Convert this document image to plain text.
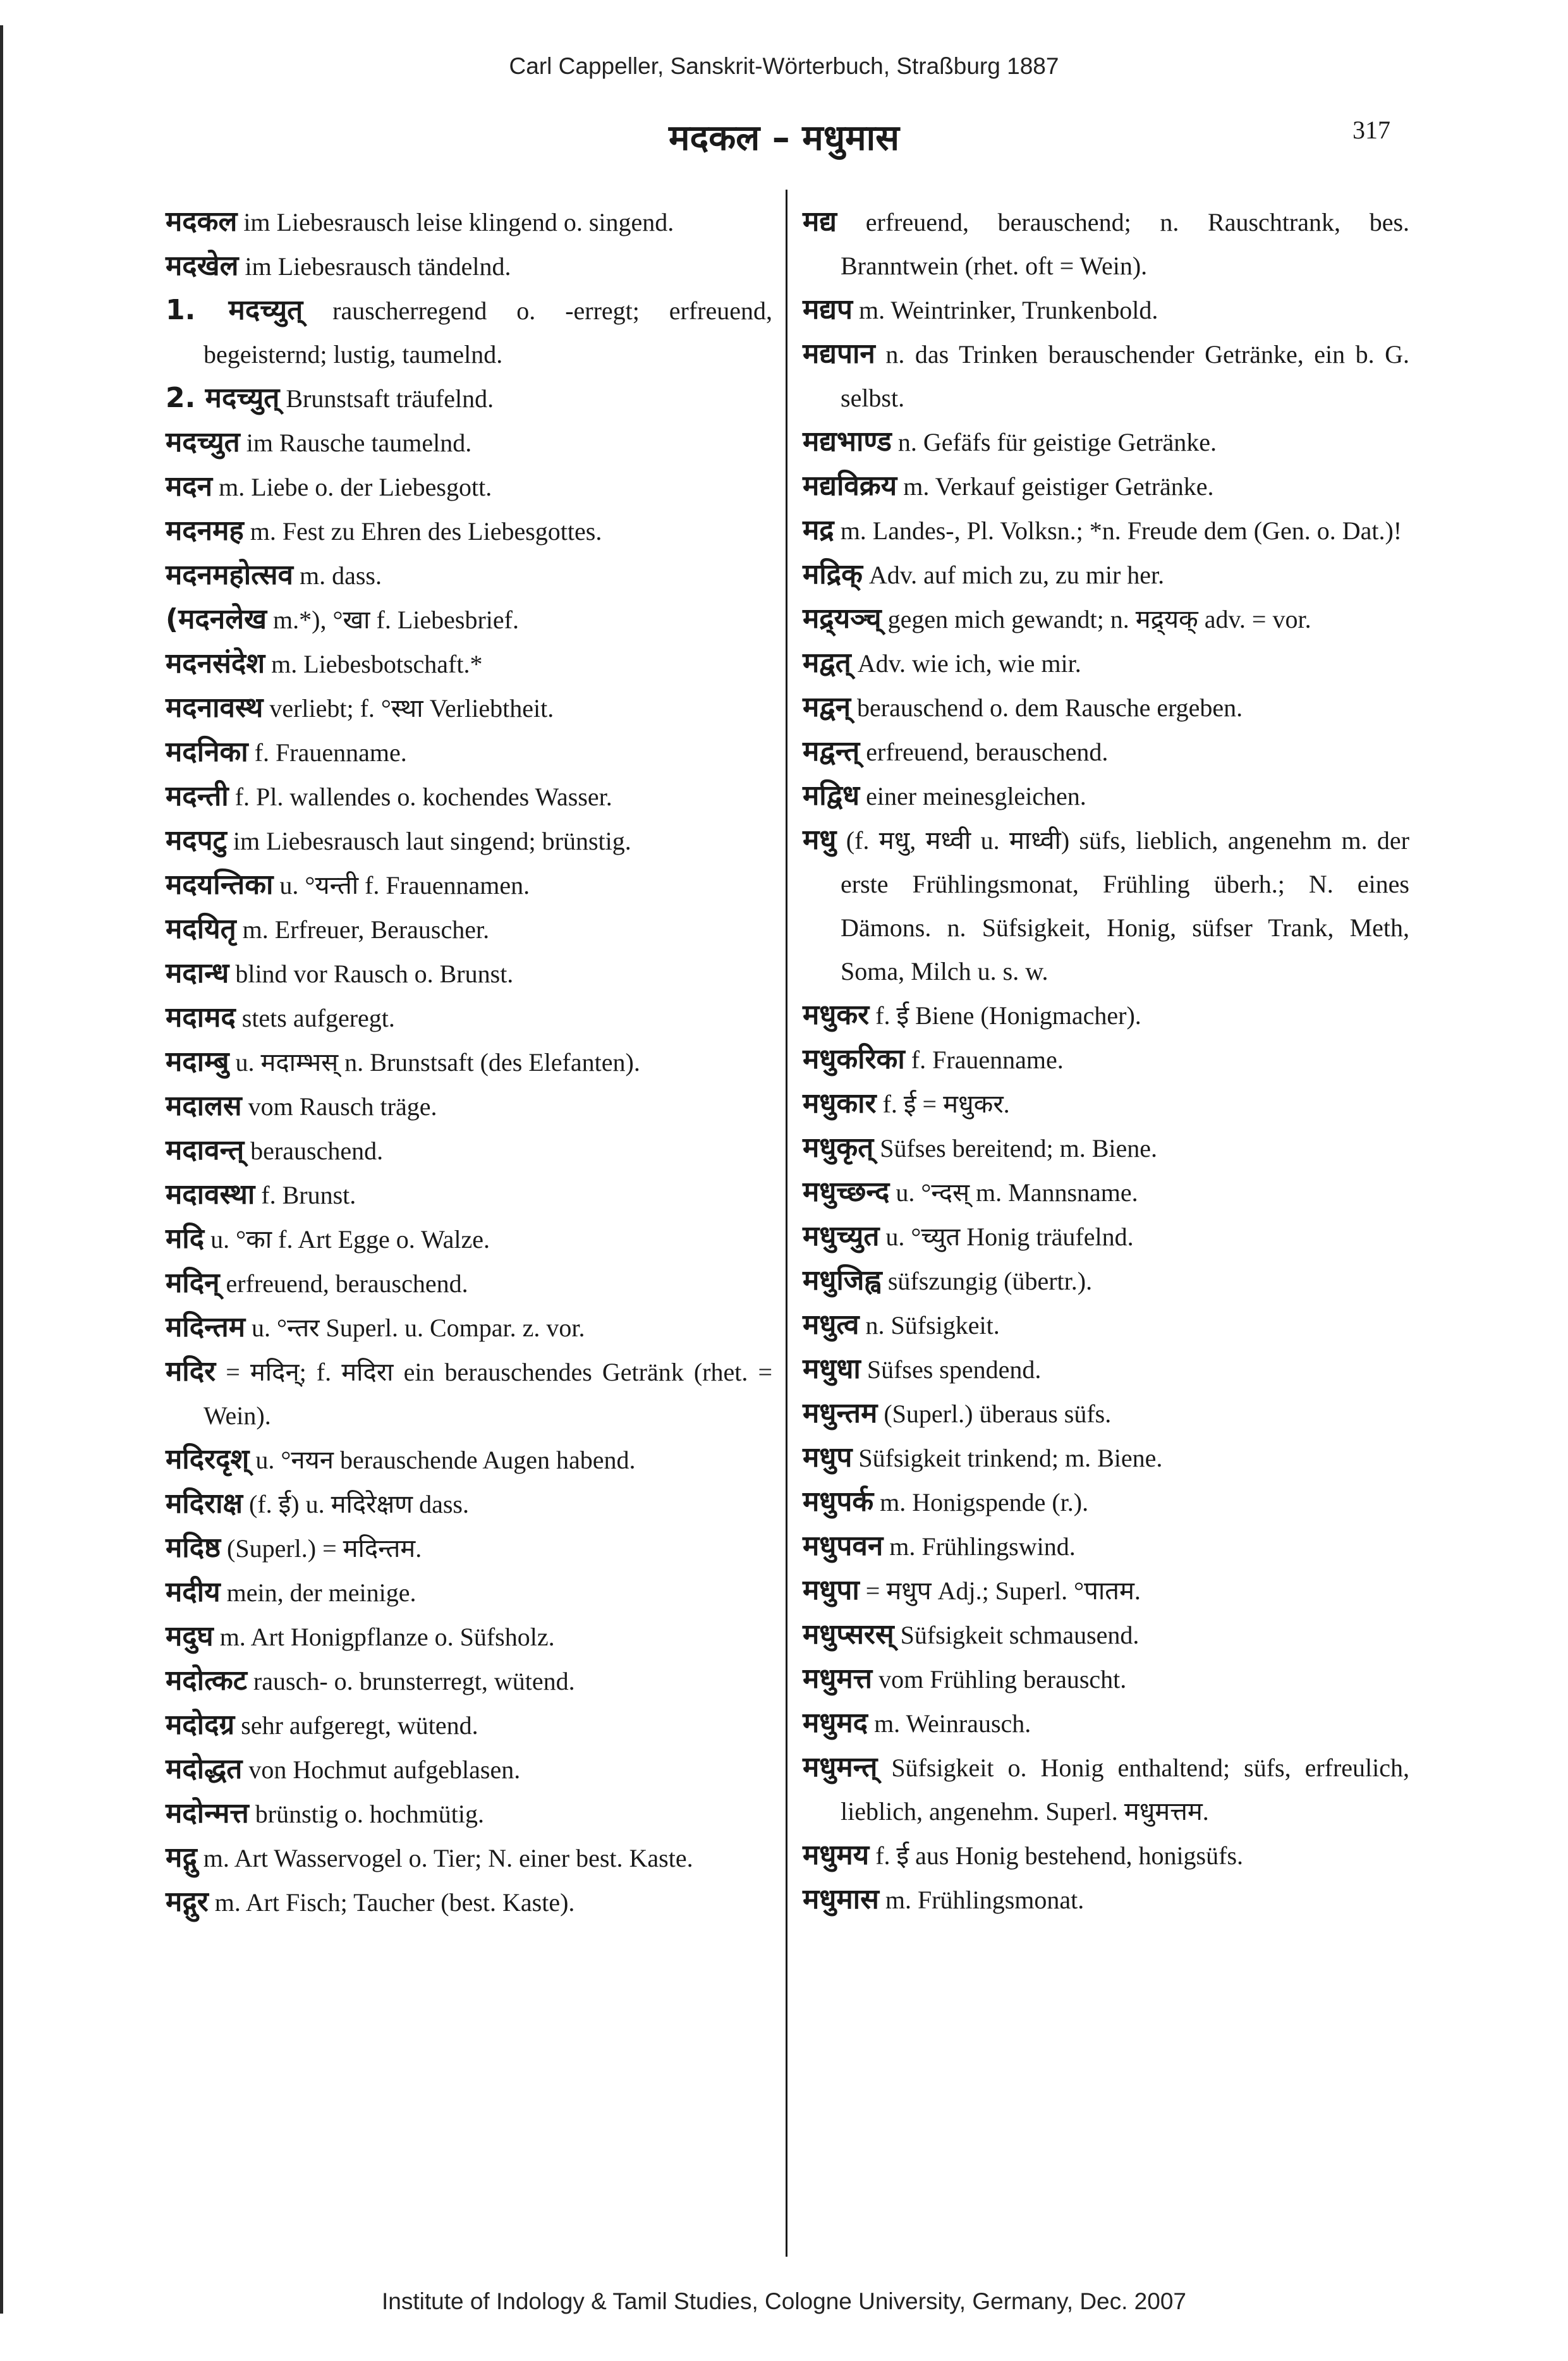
Carl Cappeller, Sanskrit-Wörterbuch, Straßburg 1887
मदकल – मधुमास	317
मदकल im Liebesrausch leise klingend o. singend.
मदखेल im Liebesrausch tändelnd.
1. मदच्युत् rauscherregend o. -erregt; erfreuend, begeisternd; lustig, taumelnd.
2. मदच्युत् Brunstsaft träufelnd.
मदच्युत im Rausche taumelnd.
मदन m. Liebe o. der Liebesgott.
मदनमह m. Fest zu Ehren des Liebesgottes.
मदनमहोत्सव m. dass.
(मदनलेख m.*), °खा f. Liebesbrief.
मदनसंदेश m. Liebesbotschaft.*
मदनावस्थ verliebt; f. °स्था Verliebtheit.
मदनिका f. Frauenname.
मदन्ती f. Pl. wallendes o. kochendes Wasser.
मदपटु im Liebesrausch laut singend; brünstig.
मदयन्तिका u. °यन्ती f. Frauennamen.
मदयितृ m. Erfreuer, Berauscher.
मदान्ध blind vor Rausch o. Brunst.
मदामद stets aufgeregt.
मदाम्बु u. मदाम्भस् n. Brunstsaft (des Elefanten).
मदालस vom Rausch träge.
मदावन्त् berauschend.
मदावस्था f. Brunst.
मदि u. °का f. Art Egge o. Walze.
मदिन् erfreuend, berauschend.
मदिन्तम u. °न्तर Superl. u. Compar. z. vor.
मदिर = मदिन्; f. मदिरा ein berauschendes Getränk (rhet. = Wein).
मदिरदृश् u. °नयन berauschende Augen habend.
मदिराक्ष (f. ई) u. मदिरेक्षण dass.
मदिष्ठ (Superl.) = मदिन्तम.
मदीय mein, der meinige.
मदुघ m. Art Honigpflanze o. Süfsholz.
मदोत्कट rausch- o. brunsterregt, wütend.
मदोदग्र sehr aufgeregt, wütend.
मदोद्धत von Hochmut aufgeblasen.
मदोन्मत्त brünstig o. hochmütig.
मद्गु m. Art Wasservogel o. Tier; N. einer best. Kaste.
मद्गुर m. Art Fisch; Taucher (best. Kaste).
मद्य erfreuend, berauschend; n. Rauschtrank, bes. Branntwein (rhet. oft = Wein).
मद्यप m. Weintrinker, Trunkenbold.
मद्यपान n. das Trinken berauschender Getränke, ein b. G. selbst.
मद्यभाण्ड n. Gefäfs für geistige Getränke.
मद्यविक्रय m. Verkauf geistiger Getränke.
मद्र m. Landes-, Pl. Volksn.; *n. Freude dem (Gen. o. Dat.)!
मद्रिक् Adv. auf mich zu, zu mir her.
मद्र्यञ्च् gegen mich gewandt; n. मद्र्यक् adv. = vor.
मद्वत् Adv. wie ich, wie mir.
मद्वन् berauschend o. dem Rausche ergeben.
मद्वन्त् erfreuend, berauschend.
मद्विध einer meinesgleichen.
मधु (f. मधु, मध्वी u. माध्वी) süfs, lieblich, angenehm m. der erste Frühlingsmonat, Frühling überh.; N. eines Dämons. n. Süfsigkeit, Honig, süfser Trank, Meth, Soma, Milch u. s. w.
मधुकर f. ई Biene (Honigmacher).
मधुकरिका f. Frauenname.
मधुकार f. ई = मधुकर.
मधुकृत् Süfses bereitend; m. Biene.
मधुच्छन्द u. °न्दस् m. Mannsname.
मधुच्युत u. °च्युत Honig träufelnd.
मधुजिह्व süfszungig (übertr.).
मधुत्व n. Süfsigkeit.
मधुधा Süfses spendend.
मधुन्तम (Superl.) überaus süfs.
मधुप Süfsigkeit trinkend; m. Biene.
मधुपर्क m. Honigspende (r.).
मधुपवन m. Frühlingswind.
मधुपा = मधुप Adj.; Superl. °पातम.
मधुप्सरस् Süfsigkeit schmausend.
मधुमत्त vom Frühling berauscht.
मधुमद m. Weinrausch.
मधुमन्त् Süfsigkeit o. Honig enthaltend; süfs, erfreulich, lieblich, angenehm. Superl. मधुमत्तम.
मधुमय f. ई aus Honig bestehend, honigsüfs.
मधुमास m. Frühlingsmonat.
Institute of Indology & Tamil Studies, Cologne University, Germany, Dec. 2007
